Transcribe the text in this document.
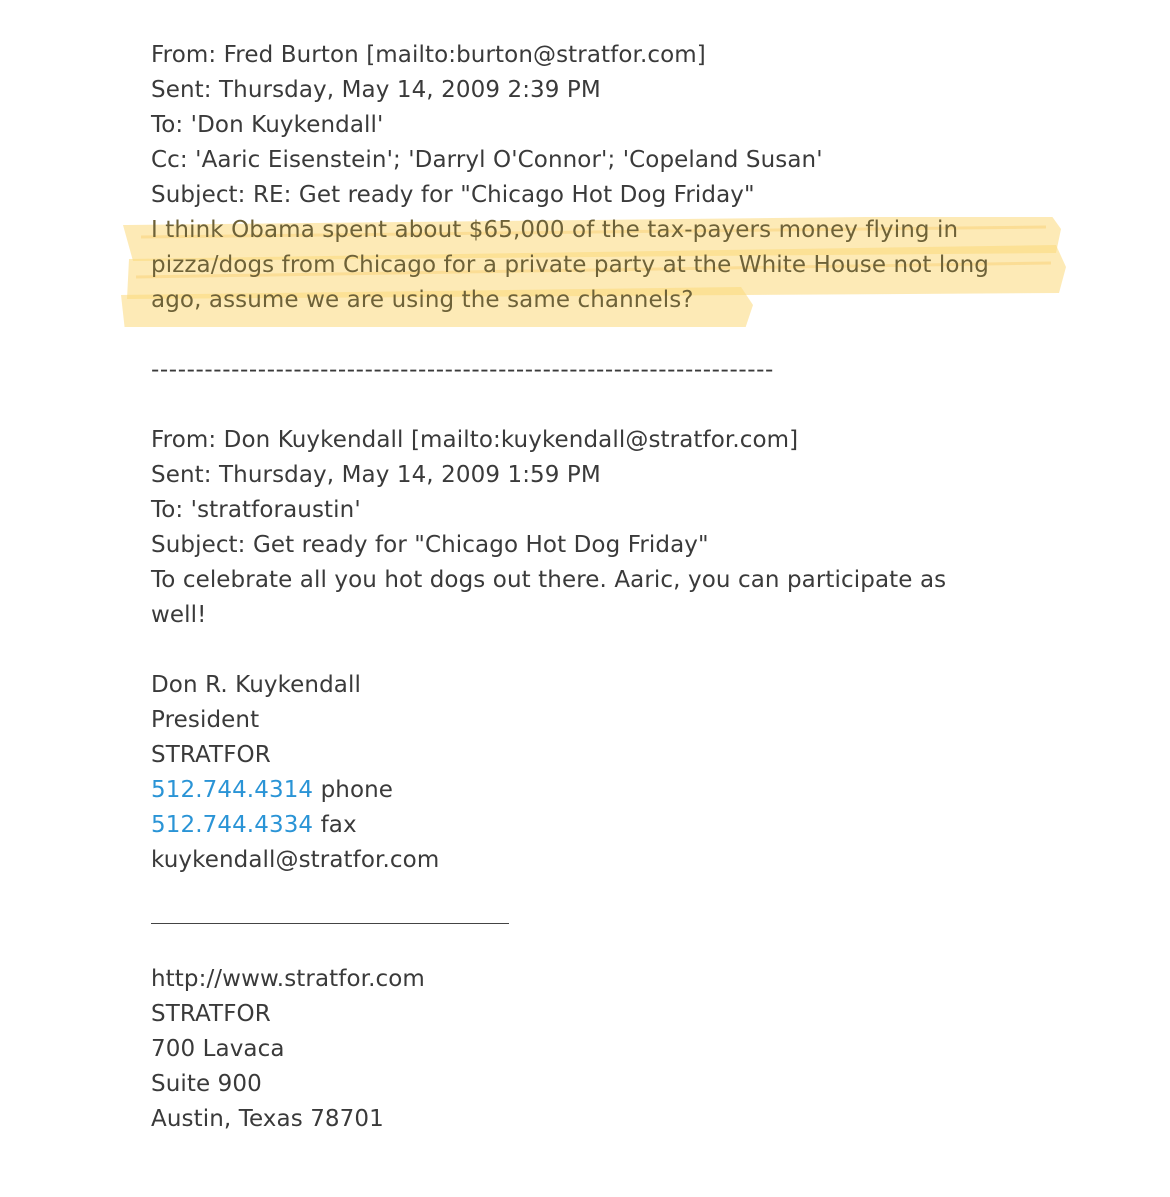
From: Fred Burton [mailto:burton@stratfor.com]
Sent: Thursday, May 14, 2009 2:39 PM
To: 'Don Kuykendall'
Cc: 'Aaric Eisenstein'; 'Darryl O'Connor'; 'Copeland Susan'
Subject: RE: Get ready for "Chicago Hot Dog Friday"
I think Obama spent about $65,000 of the tax-payers money flying in
pizza/dogs from Chicago for a private party at the White House not long
ago, assume we are using the same channels?
----------------------------------------------------------------------
From: Don Kuykendall [mailto:kuykendall@stratfor.com]
Sent: Thursday, May 14, 2009 1:59 PM
To: 'stratforaustin'
Subject: Get ready for "Chicago Hot Dog Friday"
To celebrate all you hot dogs out there. Aaric, you can participate as
well!
Don R. Kuykendall
President
STRATFOR
512.744.4314 phone
512.744.4334 fax
kuykendall@stratfor.com
http://www.stratfor.com
STRATFOR
700 Lavaca
Suite 900
Austin, Texas 78701
